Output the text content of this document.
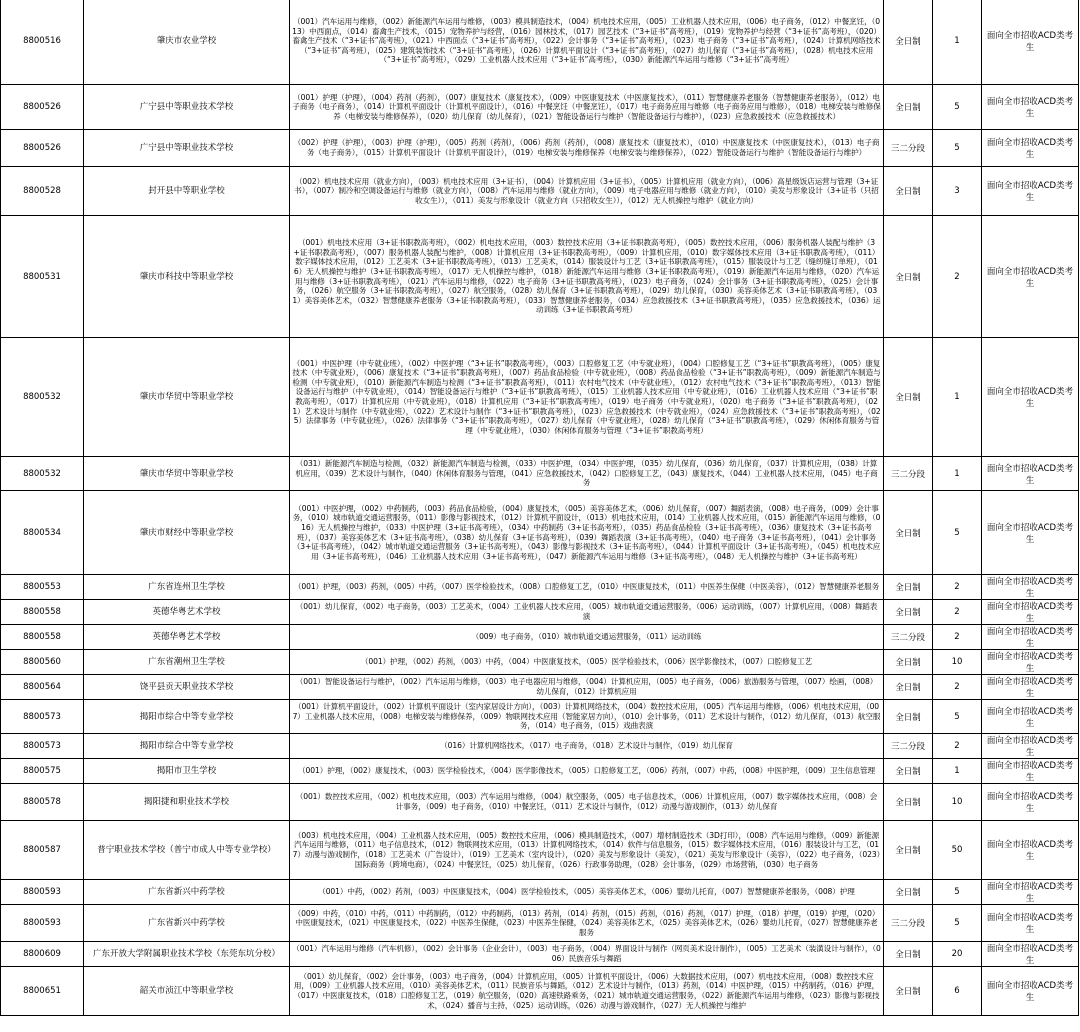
8800516	肇庆市农业学校	（001）汽车运用与维修，（002）新能源汽车运用与维修，（003）模具制造技术，（004）机电技术应用，（005）工业机器人技术应用，（006）电子商务，（012）中餐烹饪，（013）中西面点，（014）畜禽生产技术，（015）宠物养护与经营，（016）园林技术，（017）园艺技术（“3+证书”高考班），（019）宠物养护与经营（“3+证书”高考班），（020）畜禽生产技术（“3+证书”高考班），（021）中西面点（“3+证书”高考班），（022）会计事务（“3+证书”高考班），（023）电子商务（“3+证书”高考班），（024）计算机网络技术（“3+证书”高考班），（025）建筑装饰技术（“3+证书”高考班），（026）计算机平面设计（“3+证书”高考班），（027）幼儿保育（“3+证书”高考班），（028）机电技术应用（“3+证书”高考班），（029）工业机器人技术应用（“3+证书”高考班），（030）新能源汽车运用与维修（“3+证书”高考班）	全日制	1	面向全市招收ACD类考生
8800526	广宁县中等职业技术学校	（001）护理（护理），（004）药剂（药剂），（007）康复技术（康复技术），（009）中医康复技术（中医康复技术），（011）智慧健康养老服务（智慧健康养老服务），（012）电子商务（电子商务），（014）计算机平面设计（计算机平面设计），（016）中餐烹饪（中餐烹饪），（017）电子商务应用与维修（电子商务应用与维修），（018）电梯安装与维修保养（电梯安装与维修保养），（020）幼儿保育（幼儿保育），（021）智能设备运行与维护（智能设备运行与维护），（023）应急救援技术（应急救援技术）	全日制	5	面向全市招收ACD类考生
8800526	广宁县中等职业技术学校	（002）护理（护理），（003）护理（护理），（005）药剂（药剂），（006）药剂（药剂），（008）康复技术（康复技术），（010）中医康复技术（中医康复技术），（013）电子商务（电子商务），（015）计算机平面设计（计算机平面设计），（019）电梯安装与维修保养（电梯安装与维修保养），（022）智能设备运行与维护（智能设备运行与维护）	三二分段	5	面向全市招收ACD类考生
8800528	封开县中等职业学校	（002）机电技术应用（就业方向），（003）机电技术应用（3+证书），（004）计算机应用（3+证书），（005）计算机应用（就业方向），（006）高星级饭店运营与管理（3+证书），（007）制冷和空调设备运行与维修（就业方向），（008）汽车运用与维修（就业方向），（009）电子电器应用与维修（就业方向），（010）美发与形象设计（3+证书（只招收女生）），（011）美发与形象设计（就业方向（只招收女生）），（012）无人机操控与维护（就业方向）	全日制	3	面向全市招收ACD类考生
8800531	肇庆市科技中等职业学校	（001）机电技术应用（3+证书职教高考班），（002）机电技术应用，（003）数控技术应用（3+证书职教高考班），（005）数控技术应用，（006）服务机器人装配与维护（3+证书职教高考班），（007）服务机器人装配与维护，（008）计算机应用（3+证书职教高考班），（009）计算机应用，（010）数字媒体技术应用（3+证书职教高考班），（011）数字媒体技术应用，（012）工艺美术（3+证书职教高考班），（013）工艺美术，（014）服装设计与工艺（3+证书职教高考班），（015）服装设计与工艺（缝纫缝订单班），（016）无人机操控与维护（3+证书职教高考班），（017）无人机操控与维护，（018）新能源汽车运用与维修（3+证书职教高考班），（019）新能源汽车运用与维修，（020）汽车运用与维修（3+证书职教高考班），（021）汽车运用与维修，（022）电子商务（3+证书职教高考班），（023）电子商务，（024）会计事务（3+证书职教高考班），（025）会计事务，（026）航空服务（3+证书职教高考班），（027）航空服务，（028）幼儿保育（3+证书职教高考班），（029）幼儿保育，（030）美容美体艺术（3+证书职教高考班），（031）美容美体艺术，（032）智慧健康养老服务（3+证书职教高考班），（033）智慧健康养老服务，（034）应急救援技术（3+证书职教高考班），（035）应急救援技术，（036）运动训练（3+证书职教高考班）	全日制	2	面向全市招收ACD类考生
8800532	肇庆市华贸中等职业学校	（001）中医护理（中专就业班），（002）中医护理（“3+证书”职教高考班），（003）口腔修复工艺（中专就业班），（004）口腔修复工艺（“3+证书”职教高考班），（005）康复技术（中专就业班），（006）康复技术（“3+证书”职教高考班），（007）药品食品检验（中专就业班），（008）药品食品检验（“3+证书”职教高考班），（009）新能源汽车制造与检测（中专就业班），（010）新能源汽车制造与检测（“3+证书”职教高考班），（011）农村电气技术（中专就业班），（012）农村电气技术（“3+证书”职教高考班），（013）智能设备运行与维护（中专就业班），（014）智能设备运行与维护（“3+证书”职教高考班），（015）工业机器人技术应用（中专就业班），（016）工业机器人技术应用（“3+证书”职教高考班），（017）计算机应用（中专就业班），（018）计算机应用（“3+证书”职教高考班），（019）电子商务（中专就业班），（020）电子商务（“3+证书”职教高考班），（021）艺术设计与制作（中专就业班），（022）艺术设计与制作（“3+证书”职教高考班），（023）应急救援技术（中专就业班），（024）应急救援技术（“3+证书”职教高考班），（025）法律事务（中专就业班），（026）法律事务（“3+证书”职教高考班），（027）幼儿保育（中专就业班），（028）幼儿保育（“3+证书”职教高考班），（029）休闲体育服务与管理（中专就业班），（030）休闲体育服务与管理（“3+证书”职教高考班）	全日制	1	面向全市招收ACD类考生
8800532	肇庆市华贸中等职业学校	（031）新能源汽车制造与检测，（032）新能源汽车制造与检测，（033）中医护理，（034）中医护理，（035）幼儿保育，（036）幼儿保育，（037）计算机应用，（038）计算机应用，（039）艺术设计与制作，（040）休闲体育服务与管理，（041）应急救援技术，（042）口腔修复工艺，（043）康复技术，（044）工业机器人技术应用，（045）电子商务	三二分段	1	面向全市招收ACD类考生
8800534	肇庆市财经中等职业学校	（001）中医护理，（002）中药制药，（003）药品食品检验，（004）康复技术，（005）美容美体艺术，（006）幼儿保育，（007）舞蹈表演，（008）电子商务，（009）会计事务，（010）城市轨道交通运营服务，（011）影像与影视技术，（012）计算机平面设计，（013）机电技术应用，（014）工业机器人技术应用，（015）新能源汽车运用与维修，（016）无人机操控与维护，（033）中医护理（3+证书高考班），（034）中药制药（3+证书高考班），（035）药品食品检验（3+证书高考班），（036）康复技术（3+证书高考班），（037）美容美体艺术（3+证书高考班），（038）幼儿保育（3+证书高考班），（039）舞蹈表演（3+证书高考班），（040）电子商务（3+证书高考班），（041）会计事务（3+证书高考班），（042）城市轨道交通运营服务（3+证书高考班），（043）影像与影视技术（3+证书高考班），（044）计算机平面设计（3+证书高考班），（045）机电技术应用（3+证书高考班），（046）工业机器人技术应用（3+证书高考班），（047）新能源汽车运用与维修（3+证书高考班），（048）无人机操控与维护（3+证书高考班）	全日制	5	面向全市招收ACD类考生
8800553	广东省连州卫生学校	（001）护理，（003）药剂，（005）中药，（007）医学检验技术，（008）口腔修复工艺，（010）中医康复技术，（011）中医养生保健（中医美容），（012）智慧健康养老服务	全日制	2	面向全市招收ACD类考生
8800558	英德华粤艺术学校	（001）幼儿保育，（002）电子商务，（003）工艺美术，（004）工业机器人技术应用，（005）城市轨道交通运营服务，（006）运动训练，（007）计算机应用，（008）舞蹈表演	全日制	2	面向全市招收ACD类考生
8800558	英德华粤艺术学校	（009）电子商务，（010）城市轨道交通运营服务，（011）运动训练	三二分段	2	面向全市招收ACD类考生
8800560	广东省潮州卫生学校	（001）护理，（002）药剂，（003）中药，（004）中医康复技术，（005）医学检验技术，（006）医学影像技术，（007）口腔修复工艺	全日制	10	面向全市招收ACD类考生
8800564	饶平县贡天职业技术学校	（001）智能设备运行与维护，（002）汽车运用与维修，（003）电子电器应用与维修，（004）计算机应用，（005）电子商务，（006）旅游服务与管理，（007）绘画，（008）幼儿保育，（012）计算机应用	全日制	2	面向全市招收ACD类考生
8800573	揭阳市综合中等专业学校	（001）计算机平面设计，（002）计算机平面设计（室内家居设计方向），（003）计算机网络技术，（004）数控技术应用，（005）汽车运用与维修，（006）机电技术应用，（007）工业机器人技术应用，（008）电梯安装与维修保养，（009）物联网技术应用（智能家居方向），（010）会计事务，（011）艺术设计与制作，（012）幼儿保育，（013）航空服务，（014）电子商务，（015）戏曲表演	全日制	5	面向全市招收ACD类考生
8800573	揭阳市综合中等专业学校	（016）计算机网络技术，（017）电子商务，（018）艺术设计与制作，（019）幼儿保育	三二分段	2	面向全市招收ACD类考生
8800575	揭阳市卫生学校	（001）护理，（002）康复技术，（003）医学检验技术，（004）医学影像技术，（005）口腔修复工艺，（006）药剂，（007）中药，（008）中医护理，（009）卫生信息管理	全日制	1	面向全市招收ACD类考生
8800578	揭阳捷和职业技术学校	（001）数控技术应用，（002）机电技术应用，（003）汽车运用与维修，（004）航空服务，（005）电子信息技术，（006）计算机应用，（007）数字媒体技术应用，（008）会计事务，（009）电子商务，（010）中餐烹饪，（011）艺术设计与制作，（012）动漫与游戏制作，（013）幼儿保育	全日制	10	面向全市招收ACD类考生
8800587	普宁职业技术学校（普宁市成人中等专业学校）	（003）机电技术应用，（004）工业机器人技术应用，（005）数控技术应用，（006）模具制造技术，（007）增材制造技术（3D打印），（008）汽车运用与维修，（009）新能源汽车运用与维修，（011）电子信息技术，（012）物联网技术应用，（013）计算机网络技术，（014）软件与信息服务，（015）数字媒体技术应用，（016）服装设计与工艺，（017）动漫与游戏制作，（018）工艺美术（广告设计），（019）工艺美术（室内设计），（020）美发与形象设计（美发），（021）美发与形象设计（美容），（022）电子商务，（023）国际商务（跨境电商），（024）中餐烹饪，（025）幼儿保育，（026）行政事务助理，（028）会计事务，（029）市场营销，（030）电子商务	全日制	50	面向全市招收ACD类考生
8800593	广东省新兴中药学校	（001）中药，（002）药剂，（003）中医康复技术，（004）医学检验技术，（005）美容美体艺术，（006）婴幼儿托育，（007）智慧健康养老服务，（008）护理	全日制	5	面向全市招收ACD类考生
8800593	广东省新兴中药学校	（009）中药，（010）中药，（011）中药制药，（012）中药制药，（013）药剂，（014）药剂，（015）药剂，（016）药剂，（017）护理，（018）护理，（019）护理，（020）中医康复技术，（021）中医康复技术，（022）中医养生保健，（023）中医养生保健，（024）美容美体艺术，（025）美容美体艺术，（026）婴幼儿托育，（027）智慧健康养老服务	三二分段	5	面向全市招收ACD类考生
8800609	广东开放大学附属职业技术学校（东莞东坑分校）	（001）汽车运用与维修（汽车机修），（002）会计事务（企业会计），（003）电子商务，（004）界面设计与制作（网页美术设计制作），（005）工艺美术（装潢设计与制作），（006）民族音乐与舞蹈	全日制	20	面向全市招收ACD类考生
8800651	韶关市浈江中等职业学校	（001）幼儿保育，（002）会计事务，（003）电子商务，（004）计算机应用，（005）计算机平面设计，（006）大数据技术应用，（007）机电技术应用，（008）数控技术应用，（009）工业机器人技术应用，（010）美容美体艺术，（011）民族音乐与舞蹈，（012）艺术设计与制作，（013）药剂，（014）中医护理，（015）中药制药，（016）护理，（017）中医康复技术，（018）口腔修复工艺，（019）航空服务，（020）高速铁路乘务，（021）城市轨道交通运营服务，（022）新能源汽车运用与维修，（023）影像与影视技术，（024）播音与主持，（025）运动训练，（026）动漫与游戏制作，（027）无人机操控与维护	全日制	6	面向全市招收ACD类考生
